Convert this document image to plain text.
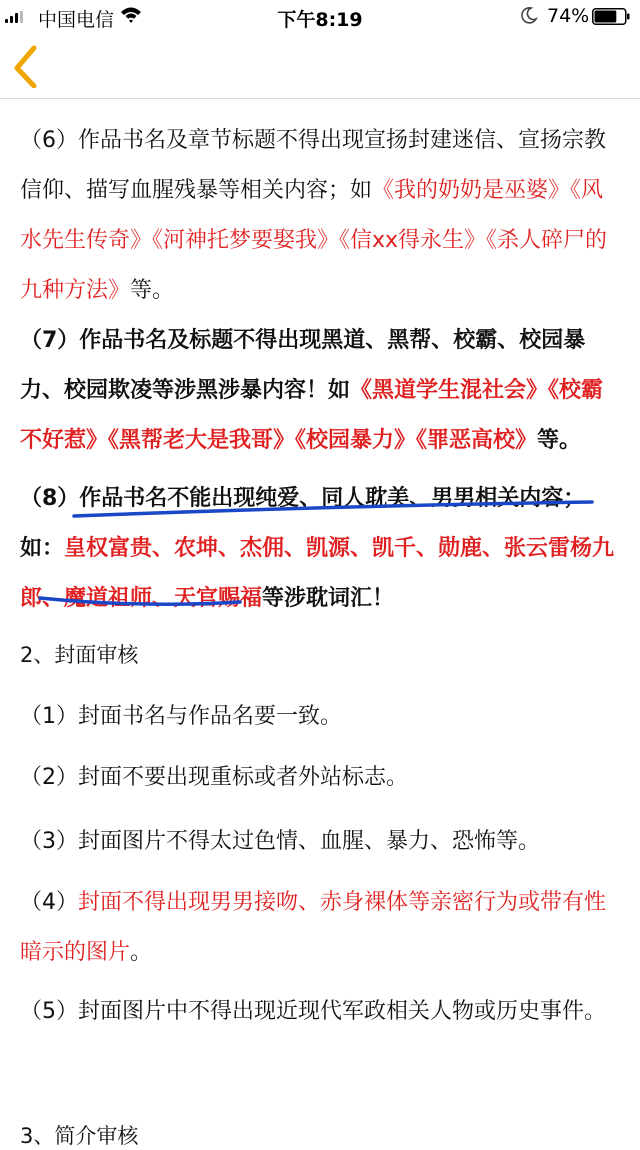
中国电信	下午8:19	74%

（6）作品书名及章节标题不得出现宣扬封建迷信、宣扬宗教信仰、描写血腥残暴等相关内容；如《我的奶奶是巫婆》《风水先生传奇》《河神托梦要娶我》《信xx得永生》《杀人碎尸的九种方法》等。

（7）作品书名及标题不得出现黑道、黑帮、校霸、校园暴力、校园欺凌等涉黑涉暴内容！如《黑道学生混社会》《校霸不好惹》《黑帮老大是我哥》《校园暴力》《罪恶高校》等。

（8）作品书名不能出现纯爱、同人耽美、男男相关内容；如：皇权富贵、农坤、杰佣、凯源、凯千、勋鹿、张云雷杨九郎、魔道祖师、天官赐福等涉耽词汇！

2、封面审核

（1）封面书名与作品名要一致。

（2）封面不要出现重标或者外站标志。

（3）封面图片不得太过色情、血腥、暴力、恐怖等。

（4）封面不得出现男男接吻、赤身裸体等亲密行为或带有性暗示的图片。

（5）封面图片中不得出现近现代军政相关人物或历史事件。

3、简介审核
